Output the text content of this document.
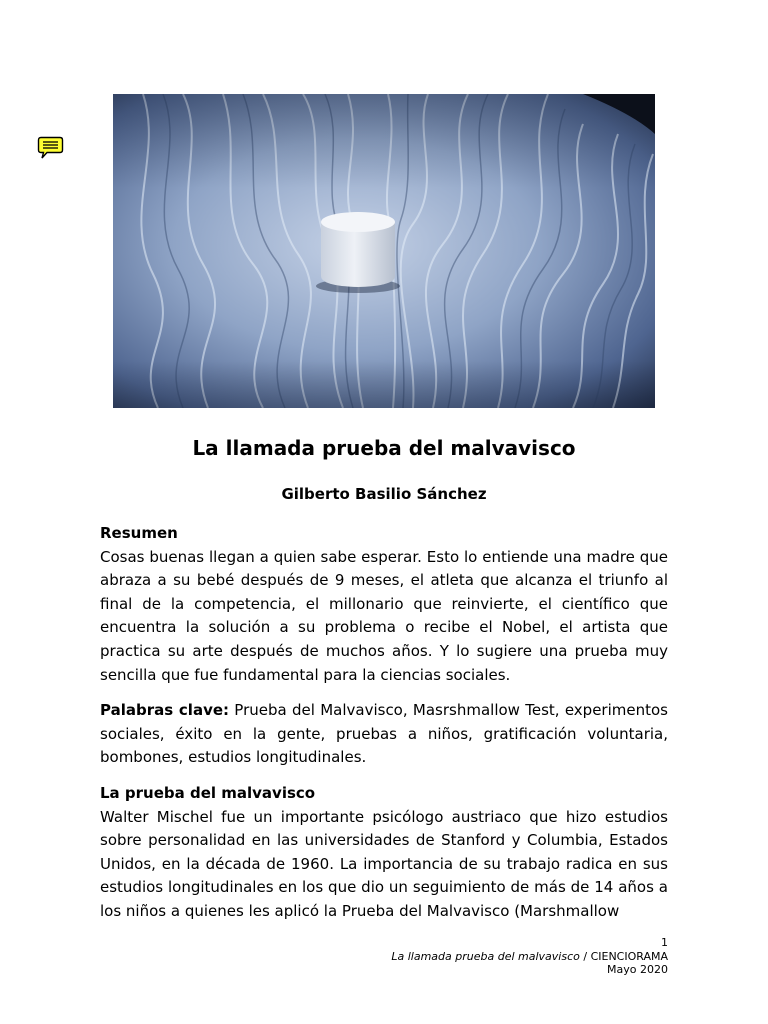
La llamada prueba del malvavisco
Gilberto Basilio Sánchez
Resumen

Cosas buenas llegan a quien sabe esperar. Esto lo entiende una madre que abraza a su bebé después de 9 meses, el atleta que alcanza el triunfo al final de la competencia, el millonario que reinvierte, el científico que encuentra la solución a su problema o recibe el Nobel, el artista que practica su arte después de muchos años. Y lo sugiere una prueba muy sencilla que fue fundamental para la ciencias sociales.

Palabras clave: Prueba del Malvavisco, Masrshmallow Test, experimentos sociales, éxito en la gente, pruebas a niños, gratificación voluntaria, bombones, estudios longitudinales.

La prueba del malvavisco

Walter Mischel fue un importante psicólogo austriaco que hizo estudios sobre personalidad en las universidades de Stanford y Columbia, Estados Unidos, en la década de 1960. La importancia de su trabajo radica en sus estudios longitudinales en los que dio un seguimiento de más de 14 años a los niños a quienes les aplicó la Prueba del Malvavisco (Marshmallow

1
La llamada prueba del malvavisco / CIENCIORAMA
Mayo 2020
